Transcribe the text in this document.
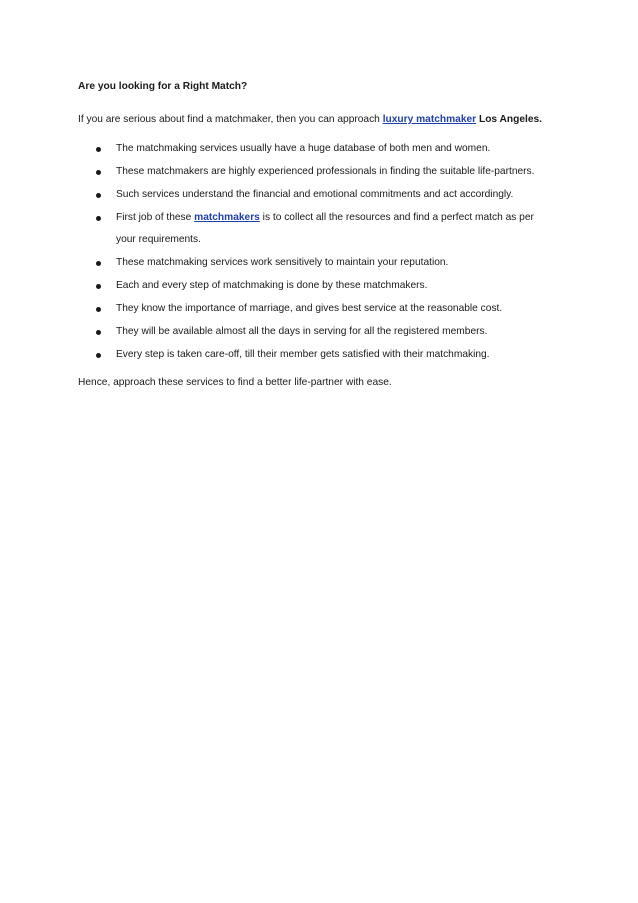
Are you looking for a Right Match?

If you are serious about find a matchmaker, then you can approach luxury matchmaker Los Angeles.

The matchmaking services usually have a huge database of both men and women.
These matchmakers are highly experienced professionals in finding the suitable life-partners.
Such services understand the financial and emotional commitments and act accordingly.
First job of these matchmakers is to collect all the resources and find a perfect match as per
your requirements.
These matchmaking services work sensitively to maintain your reputation.
Each and every step of matchmaking is done by these matchmakers.
They know the importance of marriage, and gives best service at the reasonable cost.
They will be available almost all the days in serving for all the registered members.
Every step is taken care-off, till their member gets satisfied with their matchmaking.

Hence, approach these services to find a better life-partner with ease.
